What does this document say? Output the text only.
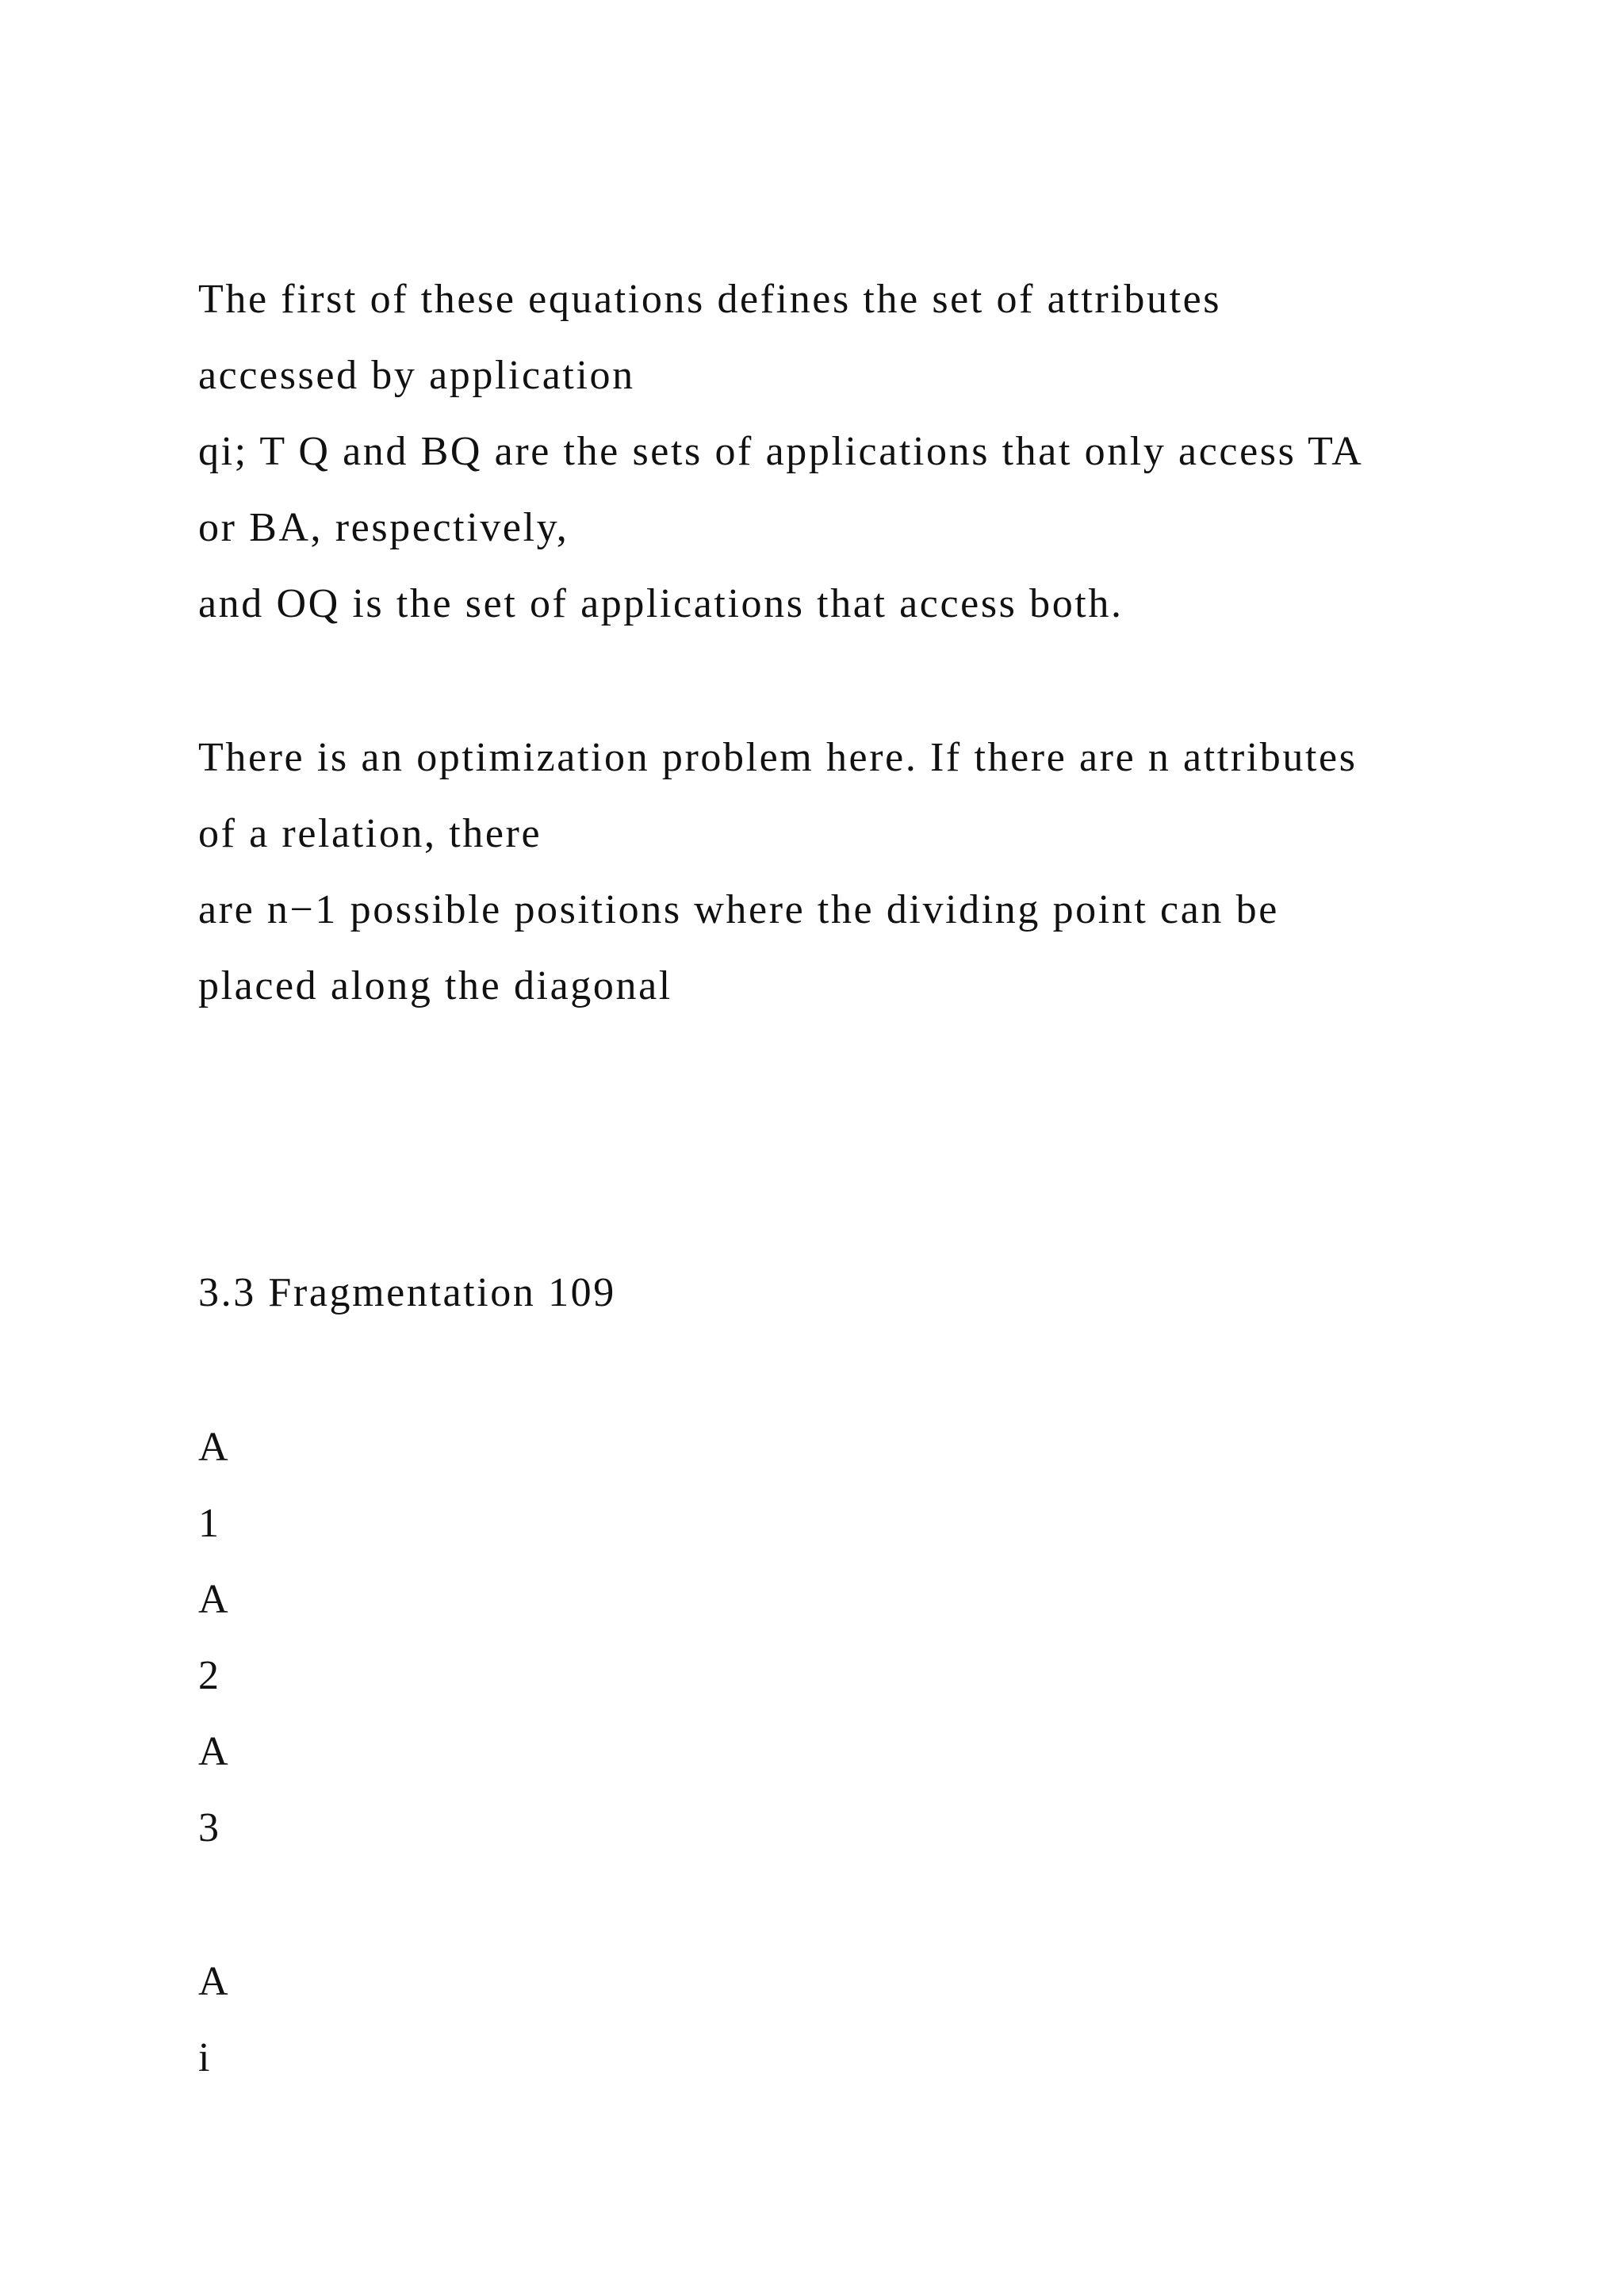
The first of these equations defines the set of attributes
accessed by application
qi; T Q and BQ are the sets of applications that only access TA
or BA, respectively,
and OQ is the set of applications that access both.
There is an optimization problem here. If there are n attributes
of a relation, there
are n−1 possible positions where the dividing point can be
placed along the diagonal
3.3 Fragmentation 109
A
1
A
2
A
3
A
i
